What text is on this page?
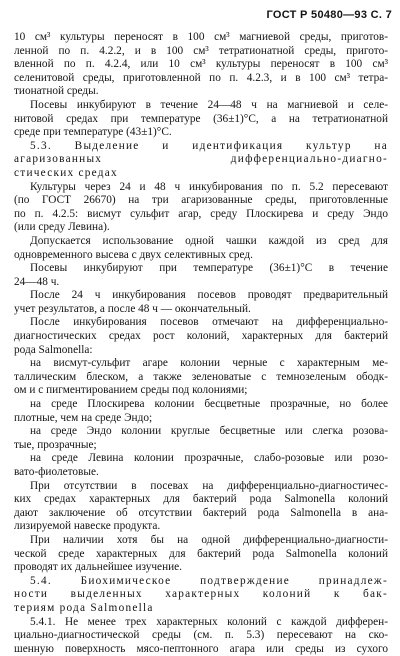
ГОСТ Р 50480—93 С. 7
10 см³ культуры переносят в 100 см³ магниевой среды, приготов-
ленной по п. 4.2.2, и в 100 см³ тетратионатной среды, пригото-
вленной по п. 4.2.4, или 10 см³ культуры переносят в 100 см³
селенитовой среды, приготовленной по п. 4.2.3, и в 100 см³ тетра-
тионатной среды.
Посевы инкубируют в течение 24—48 ч на магниевой и селе-
нитовой средах при температуре (36±1)°С, а на тетратионатной
среде при температуре (43±1)°С.
5.3. Выделение и идентификация культур на
агаризованных дифференциально-диагно-
стических средах
Культуры через 24 и 48 ч инкубирования по п. 5.2 пересевают
(по ГОСТ 26670) на три агаризованные среды, приготовленные
по п. 4.2.5: висмут сульфит агар, среду Плоскирева и среду Эндо
(или среду Левина).
Допускается использование одной чашки каждой из сред для
одновременного высева с двух селективных сред.
Посевы инкубируют при температуре (36±1)°С в течение
24—48 ч.
После 24 ч инкубирования посевов проводят предварительный
учет результатов, а после 48 ч — окончательный.
После инкубирования посевов отмечают на дифференциально-
диагностических средах рост колоний, характерных для бактерий
рода Salmonella:
на висмут-сульфит агаре колонии черные с характерным ме-
таллическим блеском, а также зеленоватые с темнозеленым ободк-
ом и с пигментированием среды под колониями;
на среде Плоскирева колонии бесцветные прозрачные, но более
плотные, чем на среде Эндо;
на среде Эндо колонии круглые бесцветные или слегка розова-
тые, прозрачные;
на среде Левина колонии прозрачные, слабо-розовые или розо-
вато-фиолетовые.
При отсутствии в посевах на дифференциально-диагностичес-
ких средах характерных для бактерий рода Salmonella колоний
дают заключение об отсутствии бактерий рода Salmonella в ана-
лизируемой навеске продукта.
При наличии хотя бы на одной дифференциально-диагности-
ческой среде характерных для бактерий рода Salmonella колоний
проводят их дальнейшее изучение.
5.4. Биохимическое подтверждение принадлеж-
ности выделенных характерных колоний к бак-
териям рода Salmonella
5.4.1. Не менее трех характерных колоний с каждой дифферен-
циально-диагностической среды (см. п. 5.3) пересевают на ско-
шенную поверхность мясо-пептонного агара или среды из сухого
